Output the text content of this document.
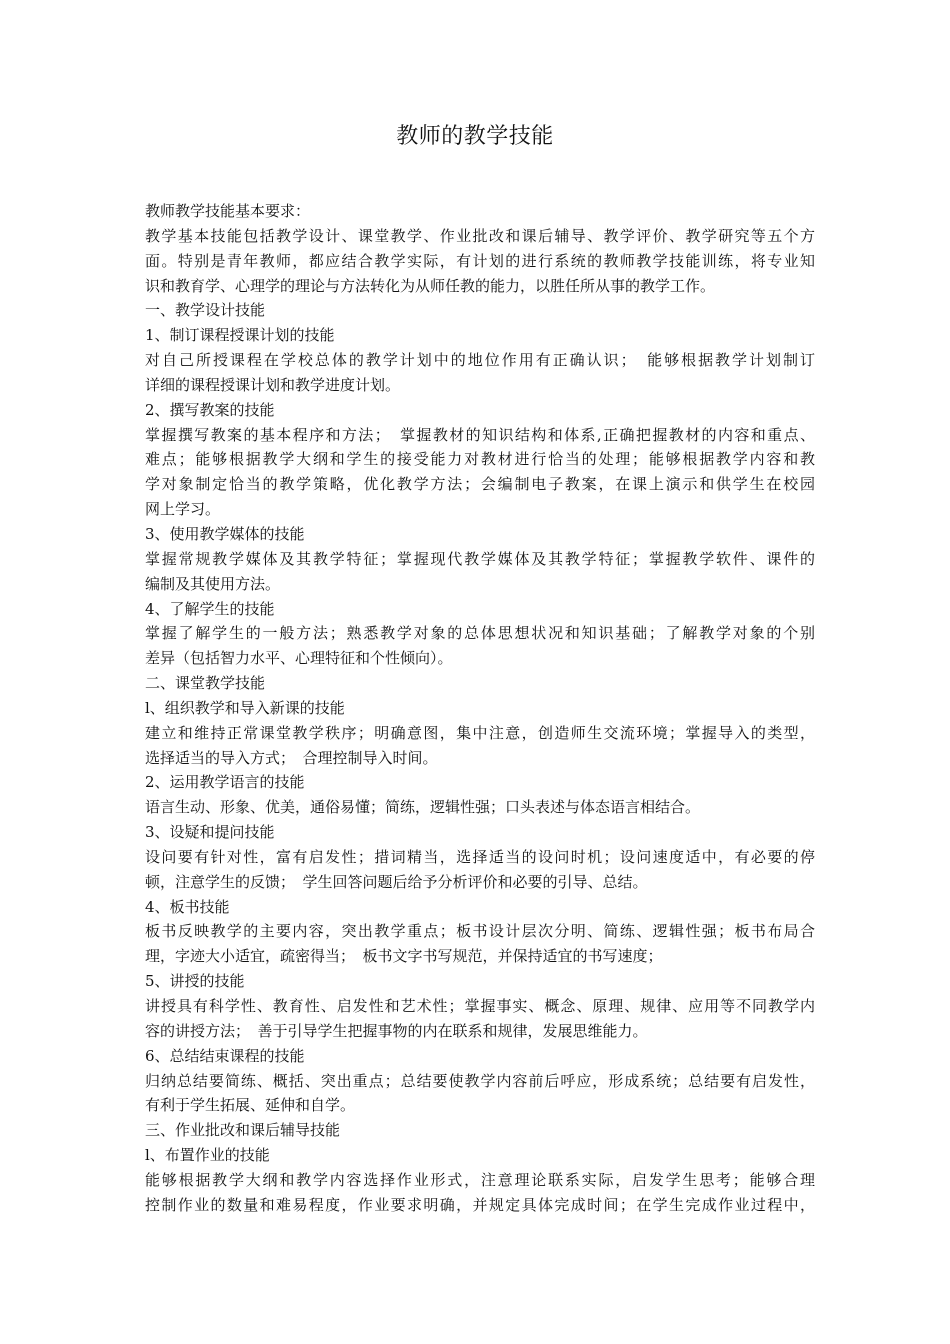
教师的教学技能
教师教学技能基本要求：
教学基本技能包括教学设计、课堂教学、作业批改和课后辅导、教学评价、教学研究等五个方
面。特别是青年教师，都应结合教学实际，有计划的进行系统的教师教学技能训练，将专业知
识和教育学、心理学的理论与方法转化为从师任教的能力，以胜任所从事的教学工作。
一、教学设计技能
1、制订课程授课计划的技能
对自己所授课程在学校总体的教学计划中的地位作用有正确认识；　能够根据教学计划制订
详细的课程授课计划和教学进度计划。
2、撰写教案的技能
掌握撰写教案的基本程序和方法；　掌握教材的知识结构和体系,正确把握教材的内容和重点、
难点；能够根据教学大纲和学生的接受能力对教材进行恰当的处理；能够根据教学内容和教
学对象制定恰当的教学策略，优化教学方法；会编制电子教案，在课上演示和供学生在校园
网上学习。
3、使用教学媒体的技能
掌握常规教学媒体及其教学特征；掌握现代教学媒体及其教学特征；掌握教学软件、课件的
编制及其使用方法。
4、了解学生的技能
掌握了解学生的一般方法；熟悉教学对象的总体思想状况和知识基础；了解教学对象的个别
差异（包括智力水平、心理特征和个性倾向）。
二、课堂教学技能
l、组织教学和导入新课的技能
建立和维持正常课堂教学秩序；明确意图，集中注意，创造师生交流环境；掌握导入的类型，
选择适当的导入方式；　合理控制导入时间。
2、运用教学语言的技能
语言生动、形象、优美，通俗易懂；简练，逻辑性强；口头表述与体态语言相结合。
3、设疑和提问技能
设问要有针对性，富有启发性；措词精当，选择适当的设问时机；设问速度适中，有必要的停
顿，注意学生的反馈；　学生回答问题后给予分析评价和必要的引导、总结。
4、板书技能
板书反映教学的主要内容，突出教学重点；板书设计层次分明、简练、逻辑性强；板书布局合
理，字迹大小适宜，疏密得当；　板书文字书写规范，并保持适宜的书写速度；
5、讲授的技能
讲授具有科学性、教育性、启发性和艺术性；掌握事实、概念、原理、规律、应用等不同教学内
容的讲授方法；　善于引导学生把握事物的内在联系和规律，发展思维能力。
6、总结结束课程的技能
归纳总结要简练、概括、突出重点；总结要使教学内容前后呼应，形成系统；总结要有启发性，
有利于学生拓展、延伸和自学。
三、作业批改和课后辅导技能
l、布置作业的技能
能够根据教学大纲和教学内容选择作业形式，注意理论联系实际，启发学生思考；能够合理
控制作业的数量和难易程度，作业要求明确，并规定具体完成时间；在学生完成作业过程中，
